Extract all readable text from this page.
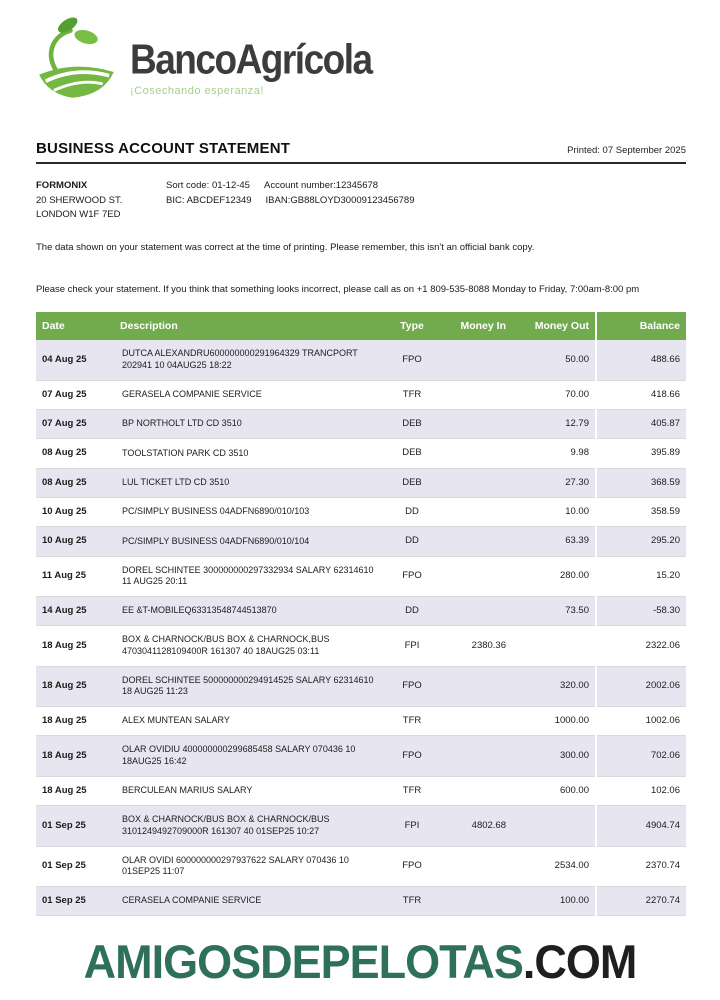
BancoAgrícola
¡Cosechando esperanza!
BUSINESS ACCOUNT STATEMENT	Printed: 07 September 2025
FORMONIX
20 SHERWOOD ST.
LONDON W1F 7ED
Sort code: 01-12-45 Account number:12345678
BIC: ABCDEF12349 IBAN:GB88LOYD30009123456789
The data shown on your statement was correct at the time of printing. Please remember, this isn't an official bank copy.
Please check your statement. If you think that something looks incorrect, please call as on +1 809-535-8088 Monday to Friday, 7:00am-8:00 pm
Date	Description	Type	Money In	Money Out	Balance
04 Aug 25	DUTCA ALEXANDRU600000000291964329 TRANCPORT 202941 10 04AUG25 18:22	FPO		50.00	488.66
07 Aug 25	GERASELA COMPANIE SERVICE	TFR		70.00	418.66
07 Aug 25	BP NORTHOLT LTD CD 3510	DEB		12.79	405.87
08 Aug 25	TOOLSTATION PARK CD 3510	DEB		9.98	395.89
08 Aug 25	LUL TICKET LTD CD 3510	DEB		27.30	368.59
10 Aug 25	PC/SIMPLY BUSINESS 04ADFN6890/010/103	DD		10.00	358.59
10 Aug 25	PC/SIMPLY BUSINESS 04ADFN6890/010/104	DD		63.39	295.20
11 Aug 25	DOREL SCHINTEE 300000000297332934 SALARY 62314610 11 AUG25 20:11	FPO		280.00	15.20
14 Aug 25	EE &T-MOBILEQ63313548744513870	DD		73.50	-58.30
18 Aug 25	BOX & CHARNOCK/BUS BOX & CHARNOCK,BUS 4703041128109400R 161307 40 18AUG25 03:11	FPI	2380.36		2322.06
18 Aug 25	DOREL SCHINTEE 500000000294914525 SALARY 62314610 18 AUG25 11:23	FPO		320.00	2002.06
18 Aug 25	ALEX MUNTEAN SALARY	TFR		1000.00	1002.06
18 Aug 25	OLAR OVIDIU 400000000299685458 SALARY 070436 10 18AUG25 16:42	FPO		300.00	702.06
18 Aug 25	BERCULEAN MARIUS SALARY	TFR		600.00	102.06
01 Sep 25	BOX & CHARNOCK/BUS BOX & CHARNOCK/BUS 3101249492709000R 161307 40 01SEP25 10:27	FPI	4802.68		4904.74
01 Sep 25	OLAR OVIDI 600000000297937622 SALARY 070436 10 01SEP25 11:07	FPO		2534.00	2370.74
01 Sep 25	CERASELA COMPANIE SERVICE	TFR		100.00	2270.74
AMIGOSDEPELOTAS.COM
